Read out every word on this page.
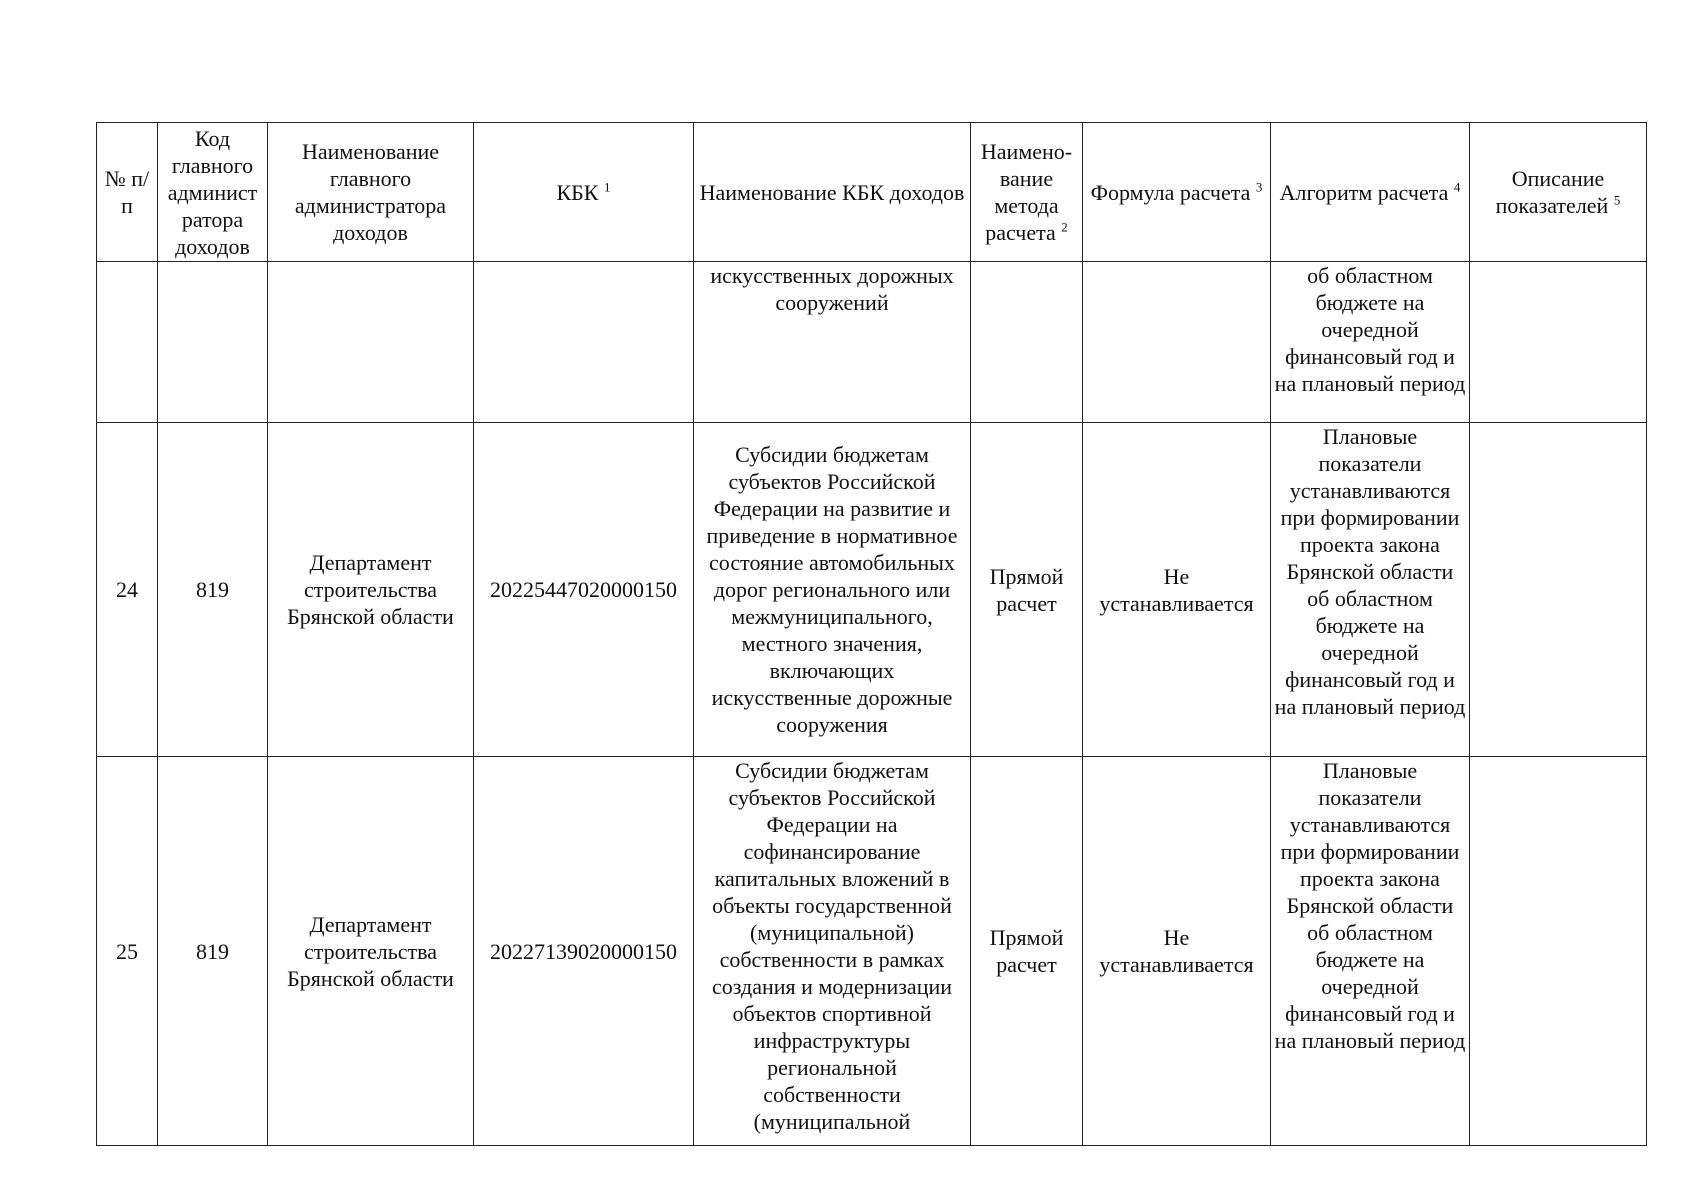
№ п/п	Код главного админист ратора доходов	Наименование главного администратора доходов	КБК $^1$	Наименование КБК доходов	Наимено-вание метода расчета $^2$	Формула расчета $^3$	Алгоритм расчета $^4$	Описание показателей $^5$
				искусственных дорожных сооружений			об областном бюджете на очередной финансовый год и на плановый период	
24	819	Департамент строительства Брянской области	20225447020000150	Субсидии бюджетам субъектов Российской Федерации на развитие и приведение в нормативное состояние автомобильных дорог регионального или межмуниципального, местного значения, включающих искусственные дорожные сооружения	Прямой расчет	Не устанавливается	Плановые показатели устанавливаются при формировании проекта закона Брянской области об областном бюджете на очередной финансовый год и на плановый период	
25	819	Департамент строительства Брянской области	20227139020000150	Субсидии бюджетам субъектов Российской Федерации на софинансирование капитальных вложений в объекты государственной (муниципальной) собственности в рамках создания и модернизации объектов спортивной инфраструктуры региональной собственности (муниципальной	Прямой расчет	Не устанавливается	Плановые показатели устанавливаются при формировании проекта закона Брянской области об областном бюджете на очередной финансовый год и на плановый период	
